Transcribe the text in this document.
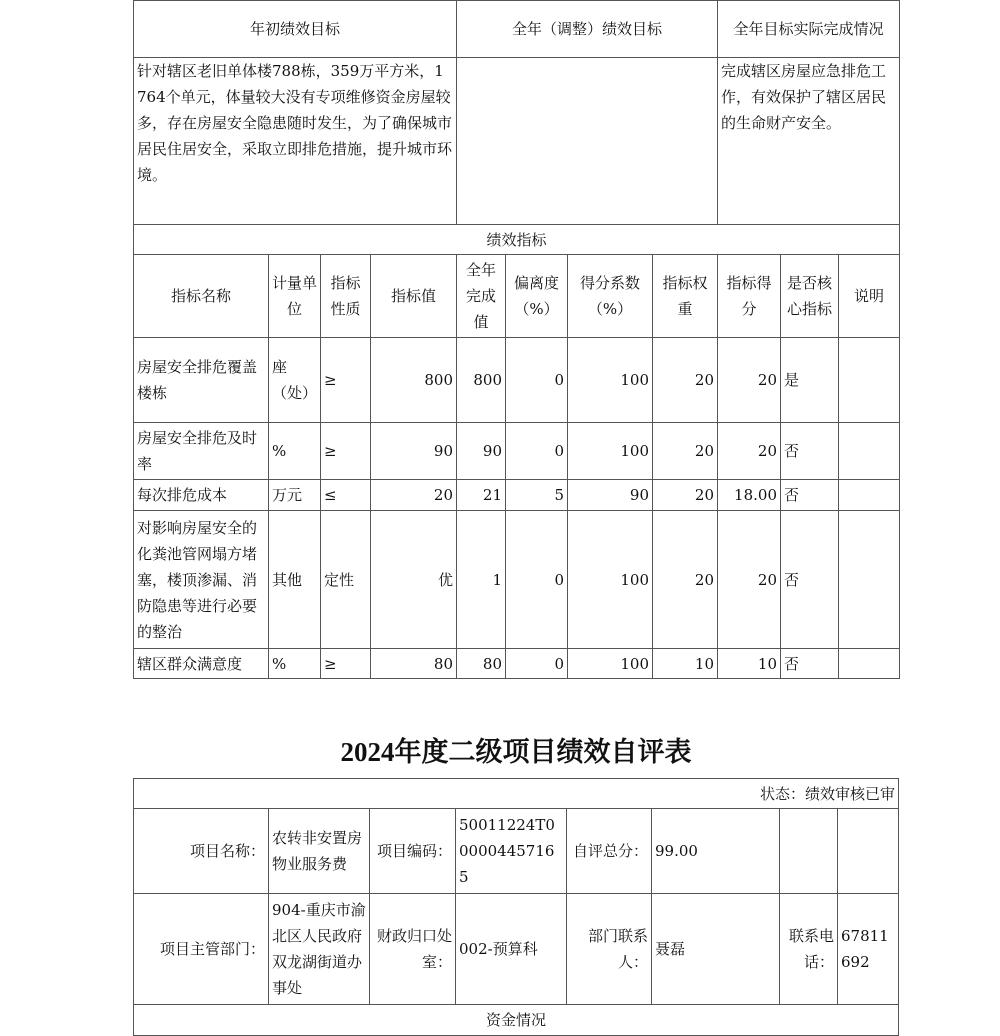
年初绩效目标				全年（调整）绩效目标				全年目标实际完成情况		
针对辖区老旧单体楼788栋，359万平方米，1764个单元，体量较大没有专项维修资金房屋较多，存在房屋安全隐患随时发生，为了确保城市居民住居安全，采取立即排危措施，提升城市环境。								完成辖区房屋应急排危工作，有效保护了辖区居民的生命财产安全。		
绩效指标										
指标名称	计量单位	指标性质	指标值	全年完成值	偏离度（%）	得分系数（%）	指标权重	指标得分	是否核心指标	说明
房屋安全排危覆盖楼栋	座（处）	≥	800	800	0	100	20	20	是	
房屋安全排危及时率	%	≥	90	90	0	100	20	20	否	
每次排危成本	万元	≤	20	21	5	90	20	18.00	否	
对影响房屋安全的化粪池管网塌方堵塞，楼顶渗漏、消防隐患等进行必要的整治	其他	定性	优	1	0	100	20	20	否	
辖区群众满意度	%	≥	80	80	0	100	10	10	否	
2024年度二级项目绩效自评表
状态：绩效审核已审							
项目名称：	农转非安置房物业服务费	项目编码：	50011224T000004457165	自评总分：	99.00		
项目主管部门：	904-重庆市渝北区人民政府双龙湖街道办事处	财政归口处室：	002-预算科	部门联系人：	聂磊	联系电话：	67811692
资金情况							
